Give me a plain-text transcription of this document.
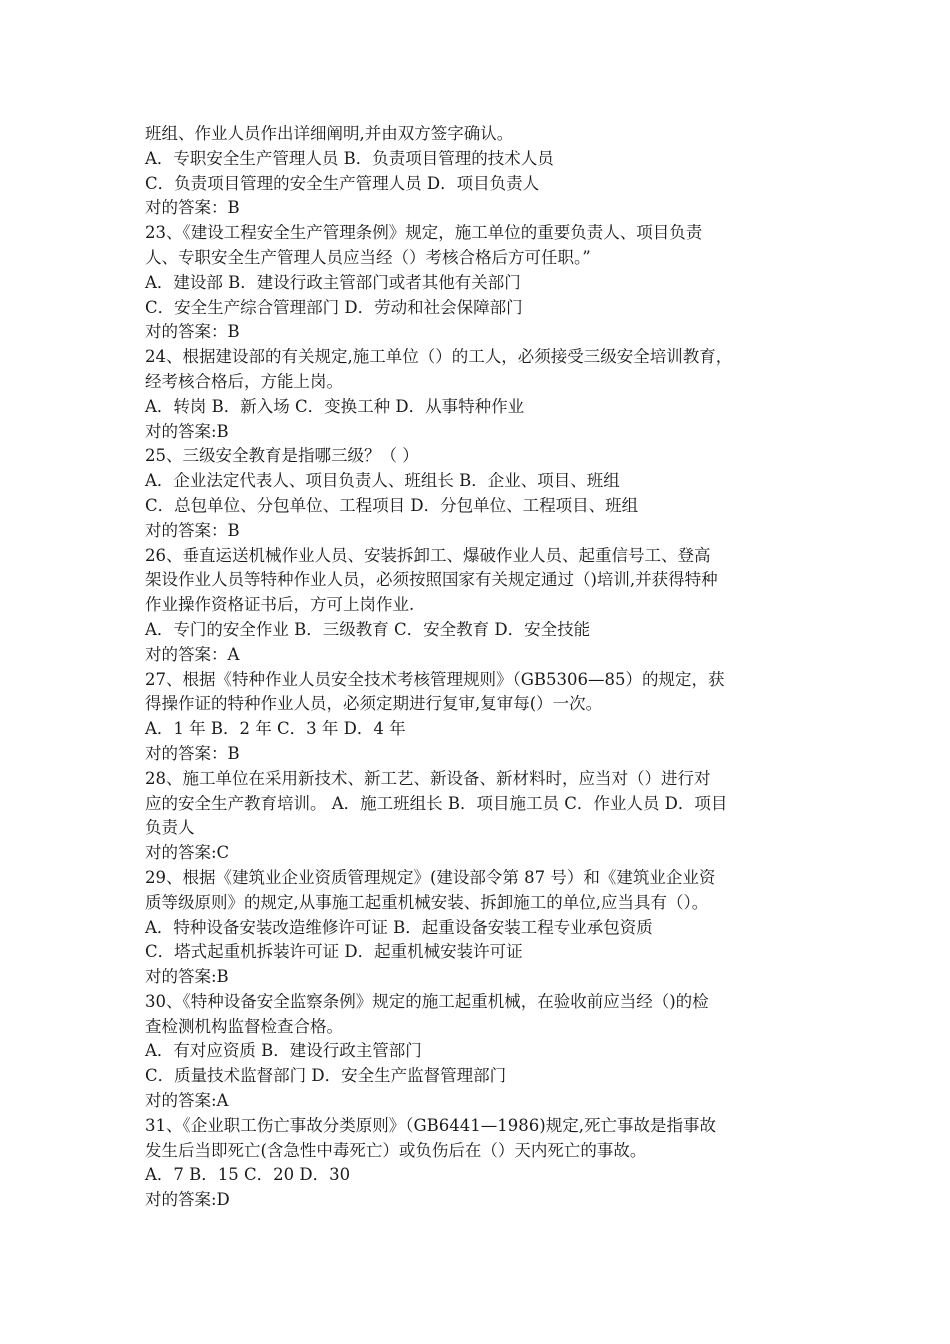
班组、作业人员作出详细阐明,并由双方签字确认。
A．专职安全生产管理人员 B．负责项目管理的技术人员
C．负责项目管理的安全生产管理人员 D．项目负责人
对的答案：B
23、《建设工程安全生产管理条例》规定，施工单位的重要负责人、项目负责
人、专职安全生产管理人员应当经（）考核合格后方可任职。”
A．建设部 B．建设行政主管部门或者其他有关部门
C．安全生产综合管理部门 D．劳动和社会保障部门
对的答案：B
24、根据建设部的有关规定,施工单位（）的工人，必须接受三级安全培训教育，
经考核合格后，方能上岗。
A．转岗 B．新入场 C．变换工种 D．从事特种作业
对的答案:B
25、三级安全教育是指哪三级？（ ）
A．企业法定代表人、项目负责人、班组长 B．企业、项目、班组
C．总包单位、分包单位、工程项目 D．分包单位、工程项目、班组
对的答案：B
26、垂直运送机械作业人员、安装拆卸工、爆破作业人员、起重信号工、登高
架设作业人员等特种作业人员，必须按照国家有关规定通过（)培训,并获得特种
作业操作资格证书后，方可上岗作业.
A．专门的安全作业 B．三级教育 C．安全教育 D．安全技能
对的答案：A
27、根据《特种作业人员安全技术考核管理规则》（GB5306—85）的规定，获
得操作证的特种作业人员，必须定期进行复审,复审每(）一次。
A．1 年 B．2 年 C．3 年 D．4 年
对的答案：B
28、施工单位在采用新技术、新工艺、新设备、新材料时，应当对（）进行对
应的安全生产教育培训。 A．施工班组长 B．项目施工员 C．作业人员 D．项目
负责人
对的答案:C
29、根据《建筑业企业资质管理规定》(建设部令第 87 号）和《建筑业企业资
质等级原则》的规定,从事施工起重机械安装、拆卸施工的单位,应当具有（）。
A．特种设备安装改造维修许可证 B．起重设备安装工程专业承包资质
C．塔式起重机拆装许可证 D．起重机械安装许可证
对的答案:B
30、《特种设备安全监察条例》规定的施工起重机械，在验收前应当经（)的检
查检测机构监督检查合格。
A．有对应资质 B．建设行政主管部门
C．质量技术监督部门 D．安全生产监督管理部门
对的答案:A
31、《企业职工伤亡事故分类原则》（GB6441—1986)规定,死亡事故是指事故
发生后当即死亡(含急性中毒死亡）或负伤后在（）天内死亡的事故。
A．7 B．15 C．20 D．30
对的答案:D
